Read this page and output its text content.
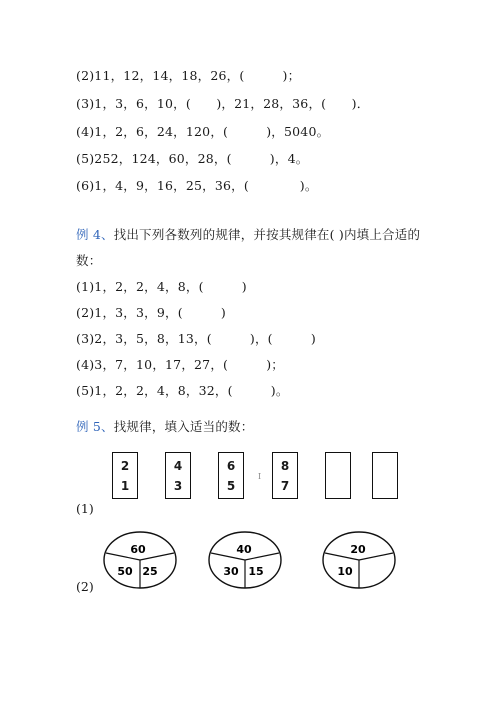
(2)11，12，14，18，26，(　　　)；
(3)1，3，6，10，(　　)，21，28，36，(　　)．
(4)1，2，6，24，120，(　　　)，5040。
(5)252，124，60，28，(　　　)，4。
(6)1，4，9，16，25，36，(　　　　)。
例 4、找出下列各数列的规律，并按其规律在( )内填上合适的
数：
(1)1，2，2，4，8，(　　　)
(2)1，3，3，9，(　　　)
(3)2，3，5，8，13，(　　　)，(　　　)
(4)3，7，10，17，27，(　　　)；
(5)1，2，2，4，8，32，(　　　)。
例 5、找规律，填入适当的数：
2
1
4
3
6
5
I
8
7
(1)
60
50 25
40
30 15
20
10
(2)
